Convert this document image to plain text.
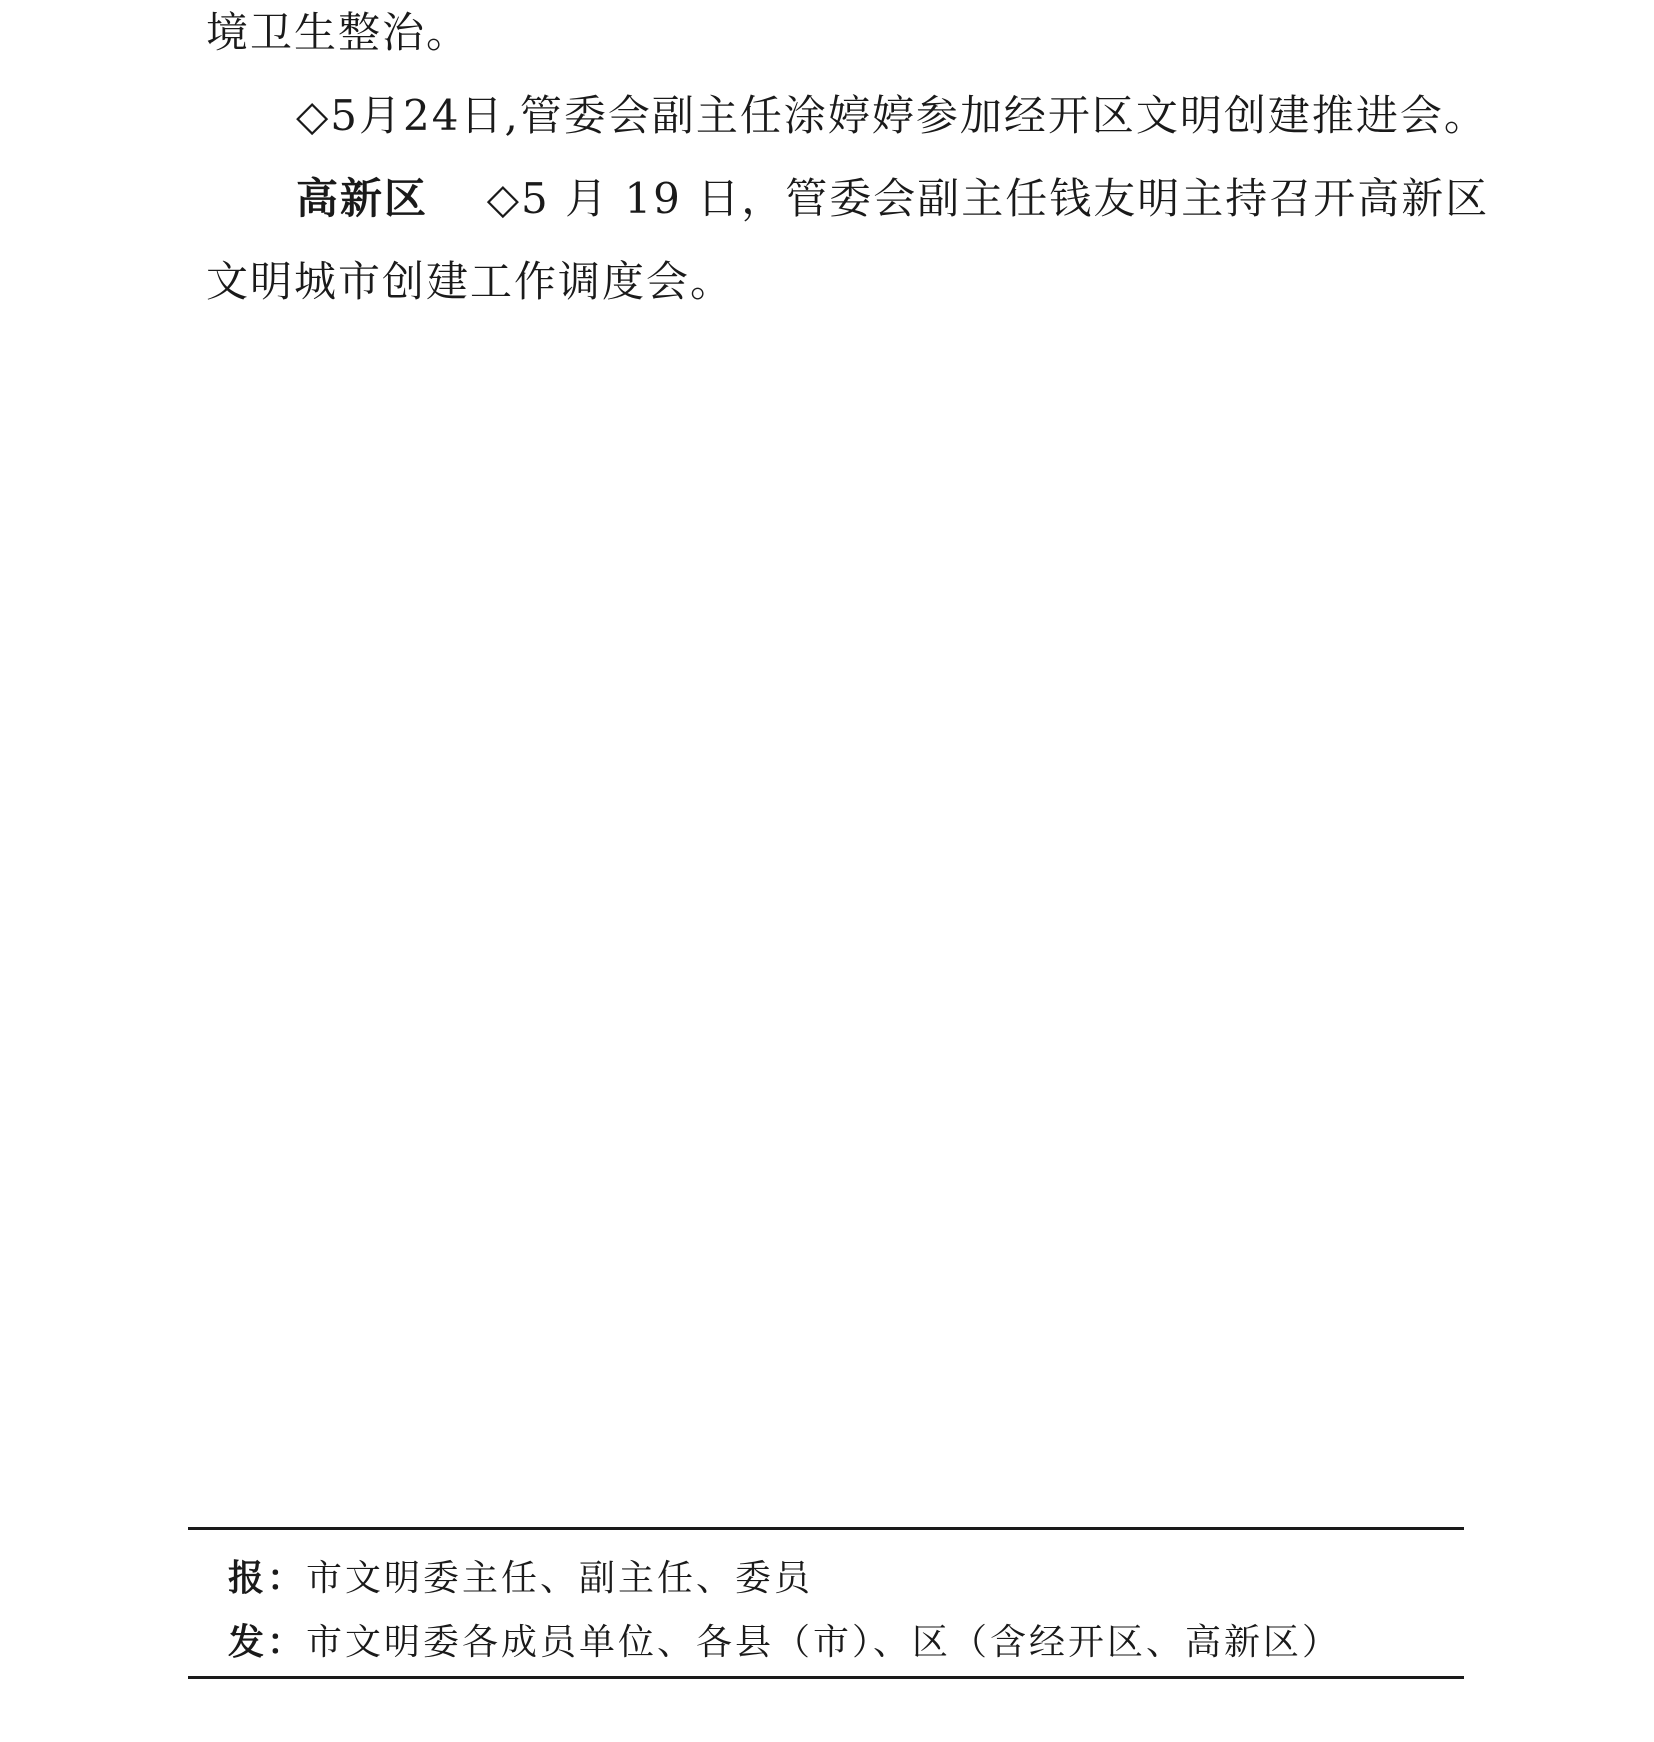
境卫生整治。
◇5月24日,管委会副主任涂婷婷参加经开区文明创建推进会。
高新区 ◇5 月 19 日，管委会副主任钱友明主持召开高新区
文明城市创建工作调度会。
报：市文明委主任、副主任、委员
发：市文明委各成员单位、各县（市）、区（含经开区、高新区）
